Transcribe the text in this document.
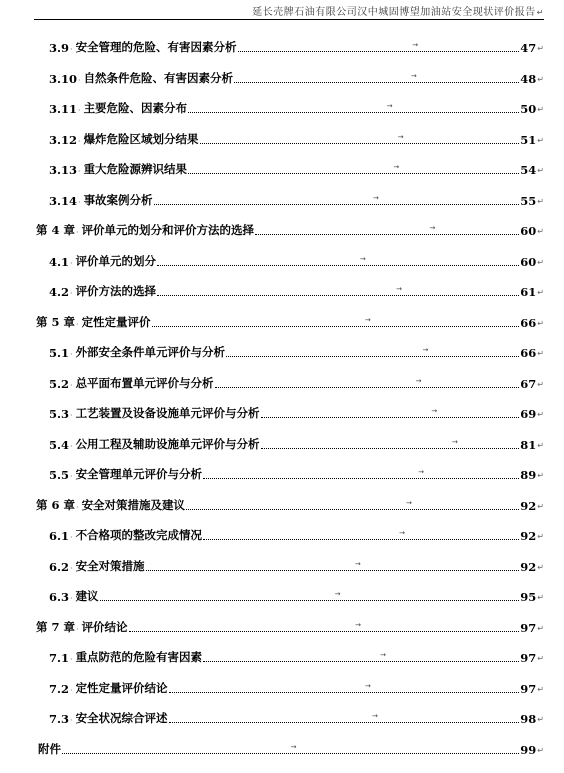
延长壳牌石油有限公司汉中城固博望加油站安全现状评价报告↵
3.9 · 安全管理的危险、有害因素分析	→	47 ↵
3.10 · 自然条件危险、有害因素分析	→	48 ↵
3.11 · 主要危险、因素分布	→	50 ↵
3.12 · 爆炸危险区域划分结果	→	51 ↵
3.13 · 重大危险源辨识结果	→	54 ↵
3.14 · 事故案例分析	→	55 ↵
第 4 章 · 评价单元的划分和评价方法的选择	→	60 ↵
4.1 · 评价单元的划分	→	60 ↵
4.2 · 评价方法的选择	→	61 ↵
第 5 章 · 定性定量评价	→	66 ↵
5.1 · 外部安全条件单元评价与分析	→	66 ↵
5.2 · 总平面布置单元评价与分析	→	67 ↵
5.3 · 工艺装置及设备设施单元评价与分析	→	69 ↵
5.4 · 公用工程及辅助设施单元评价与分析	→	81 ↵
5.5 · 安全管理单元评价与分析	→	89 ↵
第 6 章 · 安全对策措施及建议	→	92 ↵
6.1 · 不合格项的整改完成情况	→	92 ↵
6.2 · 安全对策措施	→	92 ↵
6.3 · 建议	→	95 ↵
第 7 章 · 评价结论	→	97 ↵
7.1 · 重点防范的危险有害因素	→	97 ↵
7.2 · 定性定量评价结论	→	97 ↵
7.3 · 安全状况综合评述	→	98 ↵
附件	→	99 ↵
